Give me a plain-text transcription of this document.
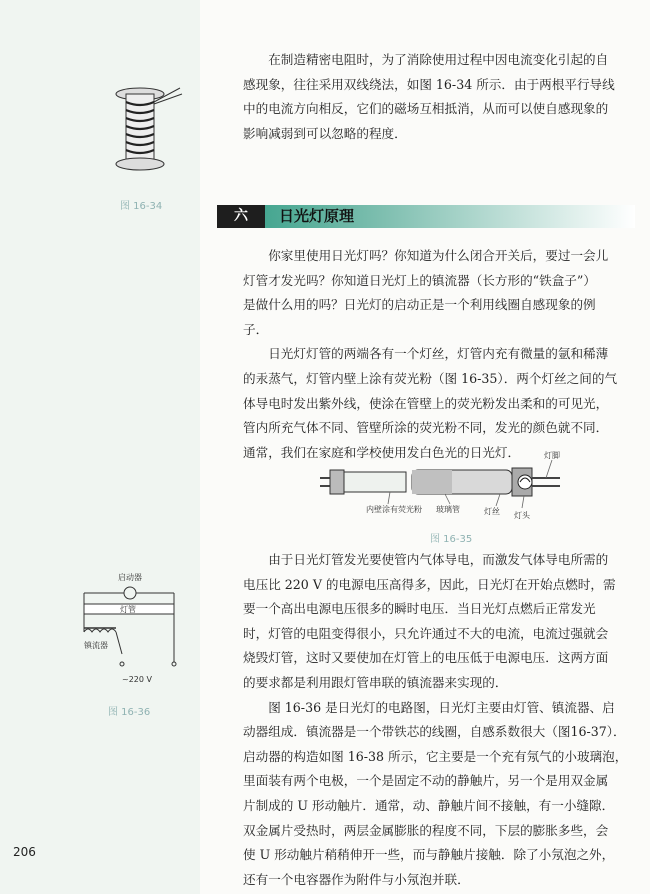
图 16-34

在制造精密电阻时，为了消除使用过程中因电流变化引起的自

感现象，往往采用双线绕法，如图 16-34 所示．由于两根平行导线

中的电流方向相反，它们的磁场互相抵消，从而可以使自感现象的

影响减弱到可以忽略的程度．

六	日光灯原理

你家里使用日光灯吗？你知道为什么闭合开关后，要过一会儿

灯管才发光吗？你知道日光灯上的镇流器（长方形的“铁盒子”）

是做什么用的吗？日光灯的启动正是一个利用线圈自感现象的例

子．

日光灯灯管的两端各有一个灯丝，灯管内充有微量的氩和稀薄

的汞蒸气，灯管内壁上涂有荧光粉（图 16-35）．两个灯丝之间的气

体导电时发出紫外线，使涂在管壁上的荧光粉发出柔和的可见光，

管内所充气体不同、管壁所涂的荧光粉不同，发光的颜色就不同．

通常，我们在家庭和学校使用发白色光的日光灯．	灯脚
内壁涂有荧光粉 玻璃管	灯丝 灯头
图 16-35
启动器
灯管
镇流器
~220 V
图 16-36

由于日光灯管发光要使管内气体导电，而激发气体导电所需的

电压比 220 V 的电源电压高得多，因此，日光灯在开始点燃时，需

要一个高出电源电压很多的瞬时电压．当日光灯点燃后正常发光

时，灯管的电阻变得很小，只允许通过不大的电流，电流过强就会

烧毁灯管，这时又要使加在灯管上的电压低于电源电压．这两方面

的要求都是利用跟灯管串联的镇流器来实现的．

图 16-36 是日光灯的电路图，日光灯主要由灯管、镇流器、启

动器组成．镇流器是一个带铁芯的线圈，自感系数很大（图16-37）．

启动器的构造如图 16-38 所示，它主要是一个充有氖气的小玻璃泡，

里面装有两个电极，一个是固定不动的静触片，另一个是用双金属

片制成的 U 形动触片．通常，动、静触片间不接触，有一小缝隙．

双金属片受热时，两层金属膨胀的程度不同，下层的膨胀多些，会

使 U 形动触片稍稍伸开一些，而与静触片接触．除了小氖泡之外，

还有一个电容器作为附件与小氖泡并联．

206
